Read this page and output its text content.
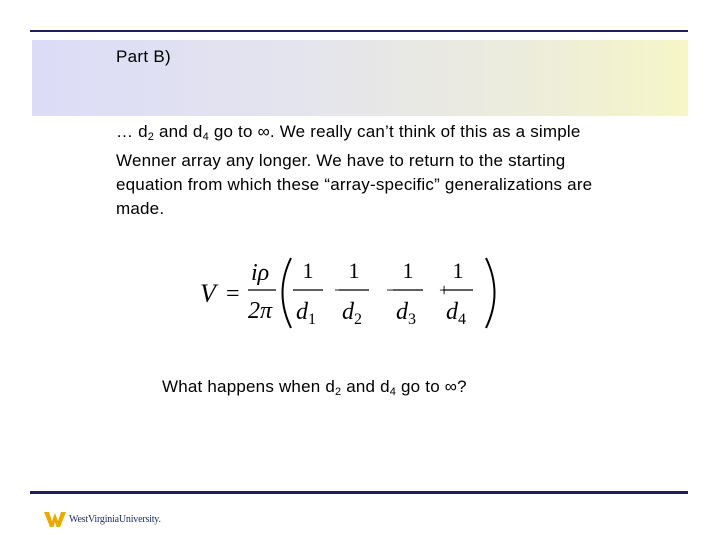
Part B)
… $d_2$ and $d_4$ go to ∞. We really can’t think of this as a simple Wenner array any longer. We have to return to the starting equation from which these “array-specific” generalizations are made.
V =
iρ
2π
1
$d_1$
−
1
$d_2$
−
1
$d_3$
+
1
$d_4$
What happens when $d_2$ and $d_4$ go to ∞?
WestVirginiaUniversity.
